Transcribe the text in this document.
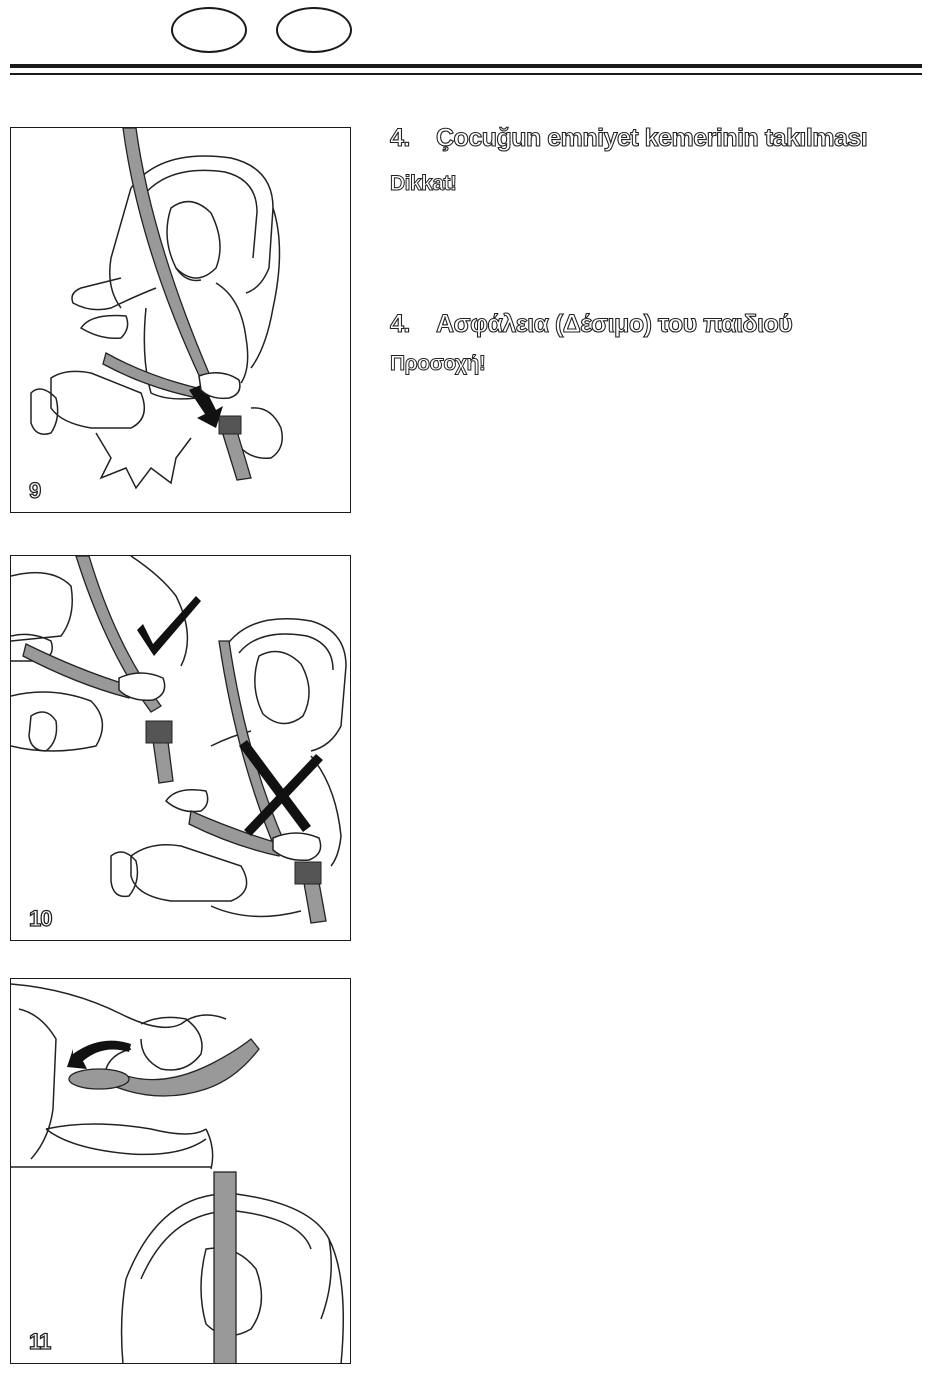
9
10
11
4. Çocuğun emniyet kemerinin takılması
Dikkat!
4. Ασφάλεια (Δέσιμο) του παιδιού
Προσοχή!
